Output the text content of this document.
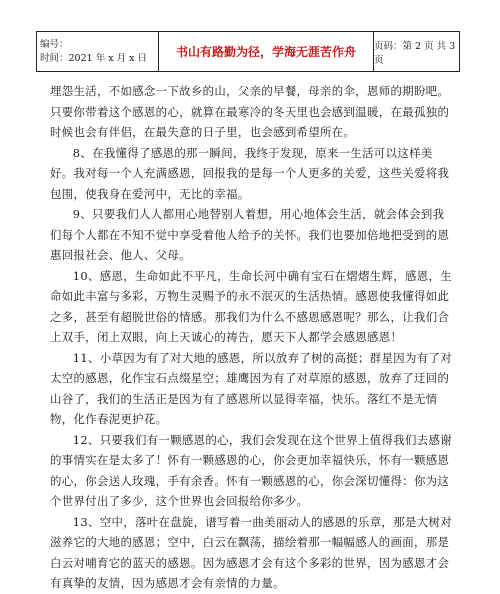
编号：
时间：2021 年 x 月 x 日	书山有路勤为径，学海无涯苦作舟 页码：第 2 页 共 3 页

埋怨生活，不如感念一下故乡的山，父亲的早餐，母亲的伞，恩师的期盼吧。只要你带着这个感恩的心，就算在最寒冷的冬天里也会感到温暖，在最孤独的时候也会有伴侣，在最失意的日子里，也会感到希望所在。

8、在我懂得了感恩的那一瞬间，我终于发现，原来一生活可以这样美好。我对每一个人充满感恩，回报我的是每一个人更多的关爱，这些关爱将我包围，使我身在爱河中，无比的幸福。

9、只要我们人人都用心地替别人着想，用心地体会生活，就会体会到我们每个人都在不知不觉中享受着他人给予的关怀。我们也要加倍地把受到的恩惠回报社会、他人、父母。

10、感恩，生命如此不平凡，生命长河中确有宝石在熠熠生辉，感恩，生命如此丰富与多彩，万物生灵赐予的永不泯灭的生活热情。感恩使我懂得如此之多，甚至有超脱世俗的情感。那我们为什么不感恩感恩呢？那么，让我们合上双手，闭上双眼，向上天诚心的祷告，愿天下人都学会感恩感恩！

11、小草因为有了对大地的感恩，所以放弃了树的高挺；群星因为有了对太空的感恩，化作宝石点缀星空；雄鹰因为有了对草原的感恩，放弃了迂回的山谷了，我们的生活正是因为有了感恩所以显得幸福，快乐。落红不是无情物，化作春泥更护花。

12、只要我们有一颗感恩的心，我们会发现在这个世界上值得我们去感谢的事情实在是太多了！怀有一颗感恩的心，你会更加幸福快乐，怀有一颗感恩的心，你会送人玫瑰，手有余香。怀有一颗感恩的心，你会深切懂得：你为这个世界付出了多少，这个世界也会回报给你多少。

13、空中，落叶在盘旋，谱写着一曲美丽动人的感恩的乐章，那是大树对滋养它的大地的感恩；空中，白云在飘荡，描绘着那一幅幅感人的画面，那是白云对哺育它的蓝天的感恩。因为感恩才会有这个多彩的世界，因为感恩才会有真挚的友情，因为感恩才会有亲情的力量。
